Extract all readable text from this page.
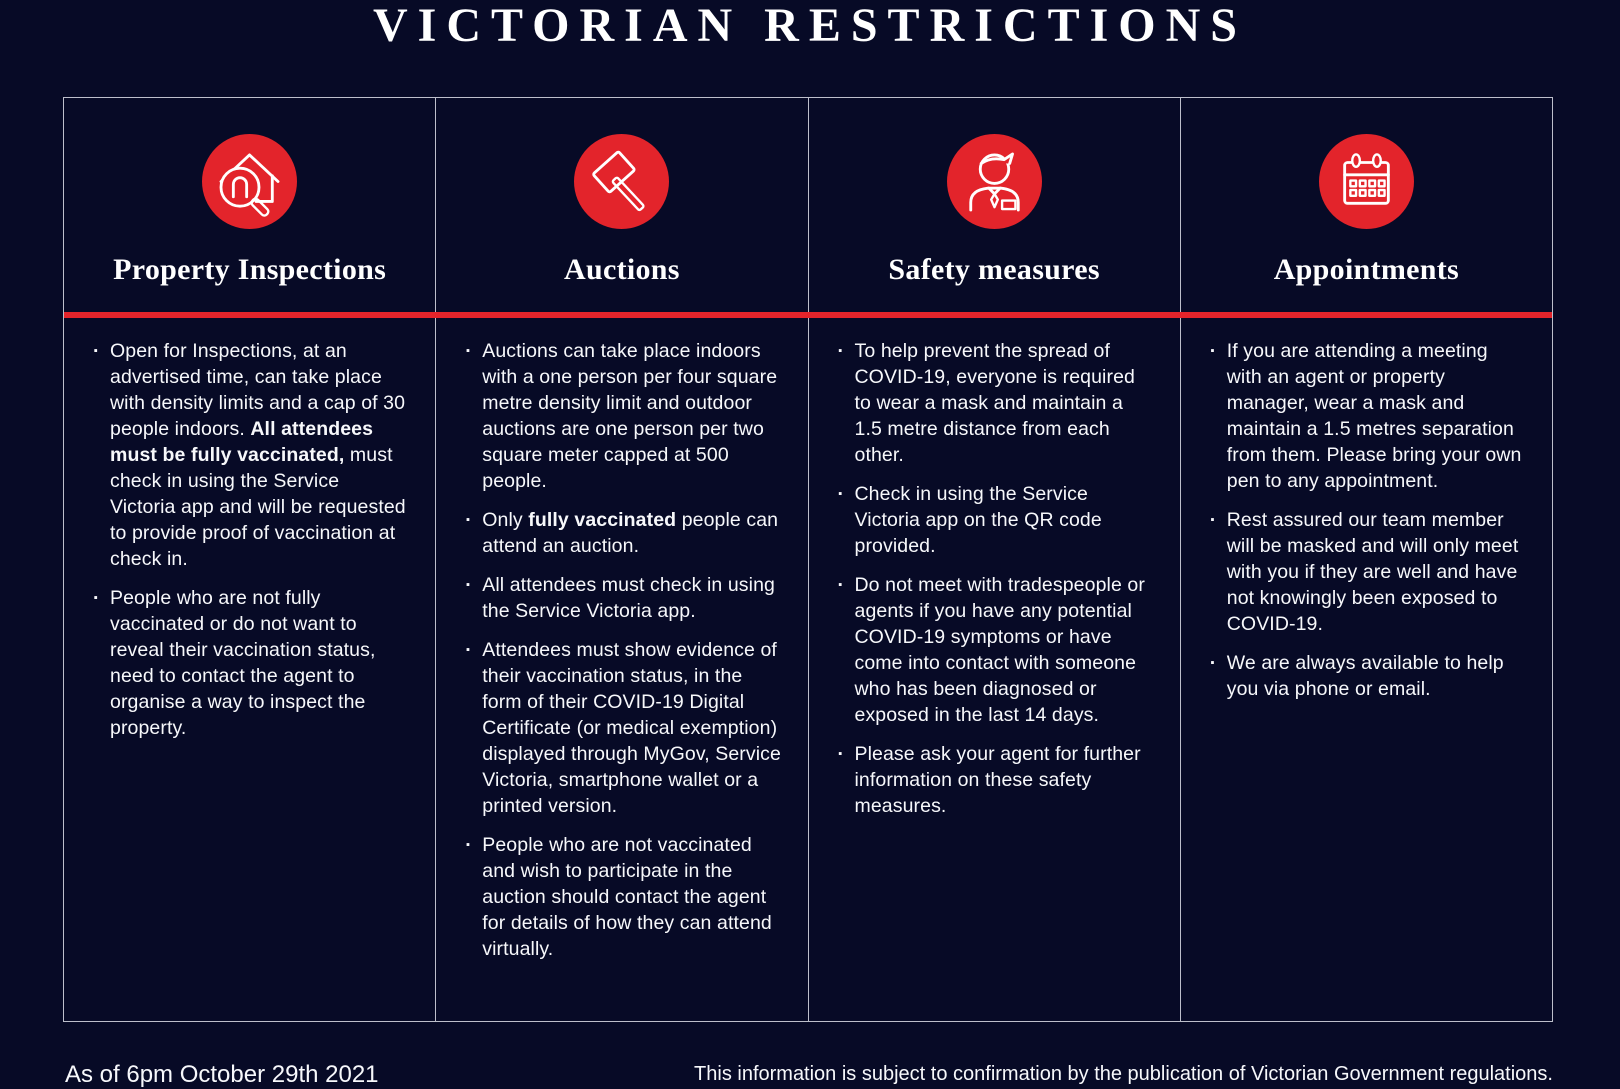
VICTORIAN RESTRICTIONS
Property Inspections
· Open for Inspections, at an advertised time, can take place with density limits and a cap of 30 people indoors. All attendees must be fully vaccinated, must check in using the Service Victoria app and will be requested to provide proof of vaccination at check in.
· People who are not fully vaccinated or do not want to reveal their vaccination status, need to contact the agent to organise a way to inspect the property.
Auctions
· Auctions can take place indoors with a one person per four square metre density limit and outdoor auctions are one person per two square meter capped at 500 people.
· Only fully vaccinated people can attend an auction.
· All attendees must check in using the Service Victoria app.
· Attendees must show evidence of their vaccination status, in the form of their COVID-19 Digital Certificate (or medical exemption) displayed through MyGov, Service Victoria, smartphone wallet or a printed version.
· People who are not vaccinated and wish to participate in the auction should contact the agent for details of how they can attend virtually.
Safety measures
· To help prevent the spread of COVID-19, everyone is required to wear a mask and maintain a 1.5 metre distance from each other.
· Check in using the Service Victoria app on the QR code provided.
· Do not meet with tradespeople or agents if you have any potential COVID-19 symptoms or have come into contact with someone who has been diagnosed or exposed in the last 14 days.
· Please ask your agent for further information on these safety measures.
Appointments
· If you are attending a meeting with an agent or property manager, wear a mask and maintain a 1.5 metres separation from them. Please bring your own pen to any appointment.
· Rest assured our team member will be masked and will only meet with you if they are well and have not knowingly been exposed to COVID-19.
· We are always available to help you via phone or email.
As of 6pm October 29th 2021	This information is subject to confirmation by the publication of Victorian Government regulations.
